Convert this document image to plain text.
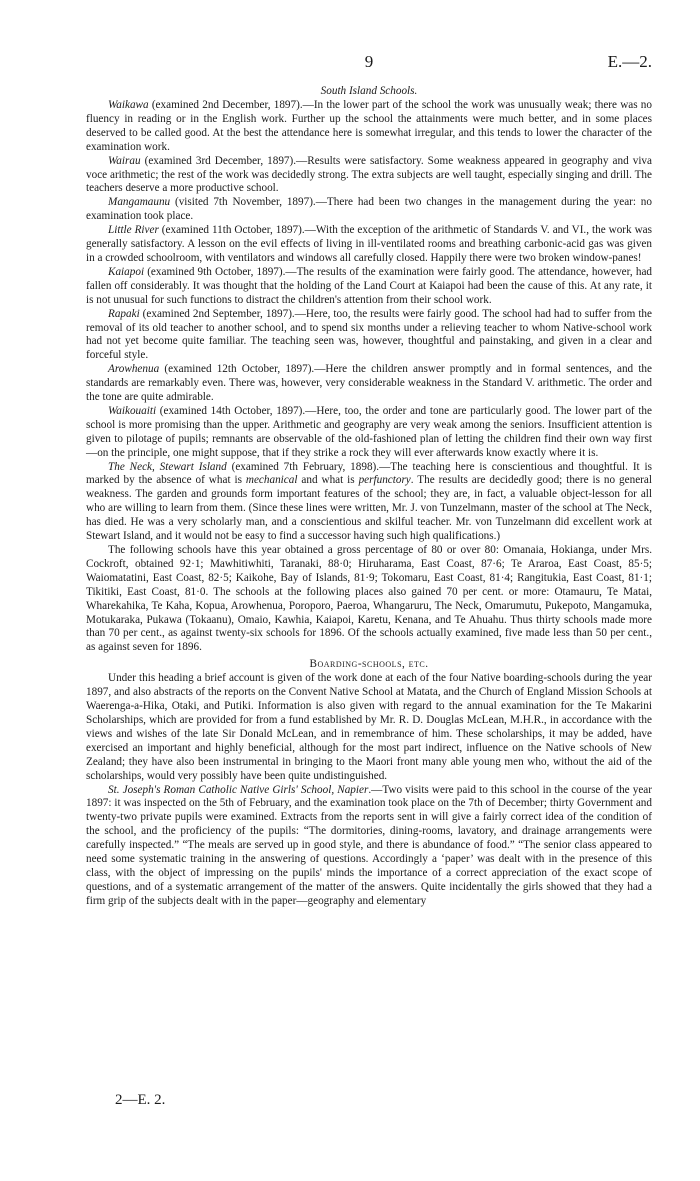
9	E.—2.

South Island Schools.

Waikawa (examined 2nd December, 1897).—In the lower part of the school the work was unusually weak; there was no fluency in reading or in the English work. Further up the school the attainments were much better, and in some places deserved to be called good. At the best the attendance here is somewhat irregular, and this tends to lower the character of the examination work.

Wairau (examined 3rd December, 1897).—Results were satisfactory. Some weakness appeared in geography and viva voce arithmetic; the rest of the work was decidedly strong. The extra subjects are well taught, especially singing and drill. The teachers deserve a more productive school.

Mangamaunu (visited 7th November, 1897).—There had been two changes in the management during the year: no examination took place.

Little River (examined 11th October, 1897).—With the exception of the arithmetic of Standards V. and VI., the work was generally satisfactory. A lesson on the evil effects of living in ill-ventilated rooms and breathing carbonic-acid gas was given in a crowded schoolroom, with ventilators and windows all carefully closed. Happily there were two broken window-panes!

Kaiapoi (examined 9th October, 1897).—The results of the examination were fairly good. The attendance, however, had fallen off considerably. It was thought that the holding of the Land Court at Kaiapoi had been the cause of this. At any rate, it is not unusual for such functions to distract the children's attention from their school work.

Rapaki (examined 2nd September, 1897).—Here, too, the results were fairly good. The school had had to suffer from the removal of its old teacher to another school, and to spend six months under a relieving teacher to whom Native-school work had not yet become quite familiar. The teaching seen was, however, thoughtful and painstaking, and given in a clear and forceful style.

Arowhenua (examined 12th October, 1897).—Here the children answer promptly and in formal sentences, and the standards are remarkably even. There was, however, very considerable weakness in the Standard V. arithmetic. The order and the tone are quite admirable.

Waikouaiti (examined 14th October, 1897).—Here, too, the order and tone are particularly good. The lower part of the school is more promising than the upper. Arithmetic and geography are very weak among the seniors. Insufficient attention is given to pilotage of pupils; remnants are observable of the old-fashioned plan of letting the children find their own way first—on the principle, one might suppose, that if they strike a rock they will ever afterwards know exactly where it is.

The Neck, Stewart Island (examined 7th February, 1898).—The teaching here is conscientious and thoughtful. It is marked by the absence of what is mechanical and what is perfunctory. The results are decidedly good; there is no general weakness. The garden and grounds form important features of the school; they are, in fact, a valuable object-lesson for all who are willing to learn from them. (Since these lines were written, Mr. J. von Tunzelmann, master of the school at The Neck, has died. He was a very scholarly man, and a conscientious and skilful teacher. Mr. von Tunzelmann did excellent work at Stewart Island, and it would not be easy to find a successor having such high qualifications.)

The following schools have this year obtained a gross percentage of 80 or over 80: Omanaia, Hokianga, under Mrs. Cockroft, obtained 92·1; Mawhitiwhiti, Taranaki, 88·0; Hiruharama, East Coast, 87·6; Te Araroa, East Coast, 85·5; Waiomatatini, East Coast, 82·5; Kaikohe, Bay of Islands, 81·9; Tokomaru, East Coast, 81·4; Rangitukia, East Coast, 81·1; Tikitiki, East Coast, 81·0. The schools at the following places also gained 70 per cent. or more: Otamauru, Te Matai, Wharekahika, Te Kaha, Kopua, Arowhenua, Poroporo, Paeroa, Whangaruru, The Neck, Omarumutu, Pukepoto, Mangamuka, Motukaraka, Pukawa (Tokaanu), Omaio, Kawhia, Kaiapoi, Karetu, Kenana, and Te Ahuahu. Thus thirty schools made more than 70 per cent., as against twenty-six schools for 1896. Of the schools actually examined, five made less than 50 per cent., as against seven for 1896.

Boarding-schools, etc.

Under this heading a brief account is given of the work done at each of the four Native boarding-schools during the year 1897, and also abstracts of the reports on the Convent Native School at Matata, and the Church of England Mission Schools at Waerenga-a-Hika, Otaki, and Putiki. Information is also given with regard to the annual examination for the Te Makarini Scholarships, which are provided for from a fund established by Mr. R. D. Douglas McLean, M.H.R., in accordance with the views and wishes of the late Sir Donald McLean, and in remembrance of him. These scholarships, it may be added, have exercised an important and highly beneficial, although for the most part indirect, influence on the Native schools of New Zealand; they have also been instrumental in bringing to the Maori front many able young men who, without the aid of the scholarships, would very possibly have been quite undistinguished.

St. Joseph's Roman Catholic Native Girls' School, Napier.—Two visits were paid to this school in the course of the year 1897: it was inspected on the 5th of February, and the examination took place on the 7th of December; thirty Government and twenty-two private pupils were examined. Extracts from the reports sent in will give a fairly correct idea of the condition of the school, and the proficiency of the pupils: “The dormitories, dining-rooms, lavatory, and drainage arrangements were carefully inspected.” “The meals are served up in good style, and there is abundance of food.” “The senior class appeared to need some systematic training in the answering of questions. Accordingly a ‘paper’ was dealt with in the presence of this class, with the object of impressing on the pupils' minds the importance of a correct appreciation of the exact scope of questions, and of a systematic arrangement of the matter of the answers. Quite incidentally the girls showed that they had a firm grip of the subjects dealt with in the paper—geography and elementary

2—E. 2.
